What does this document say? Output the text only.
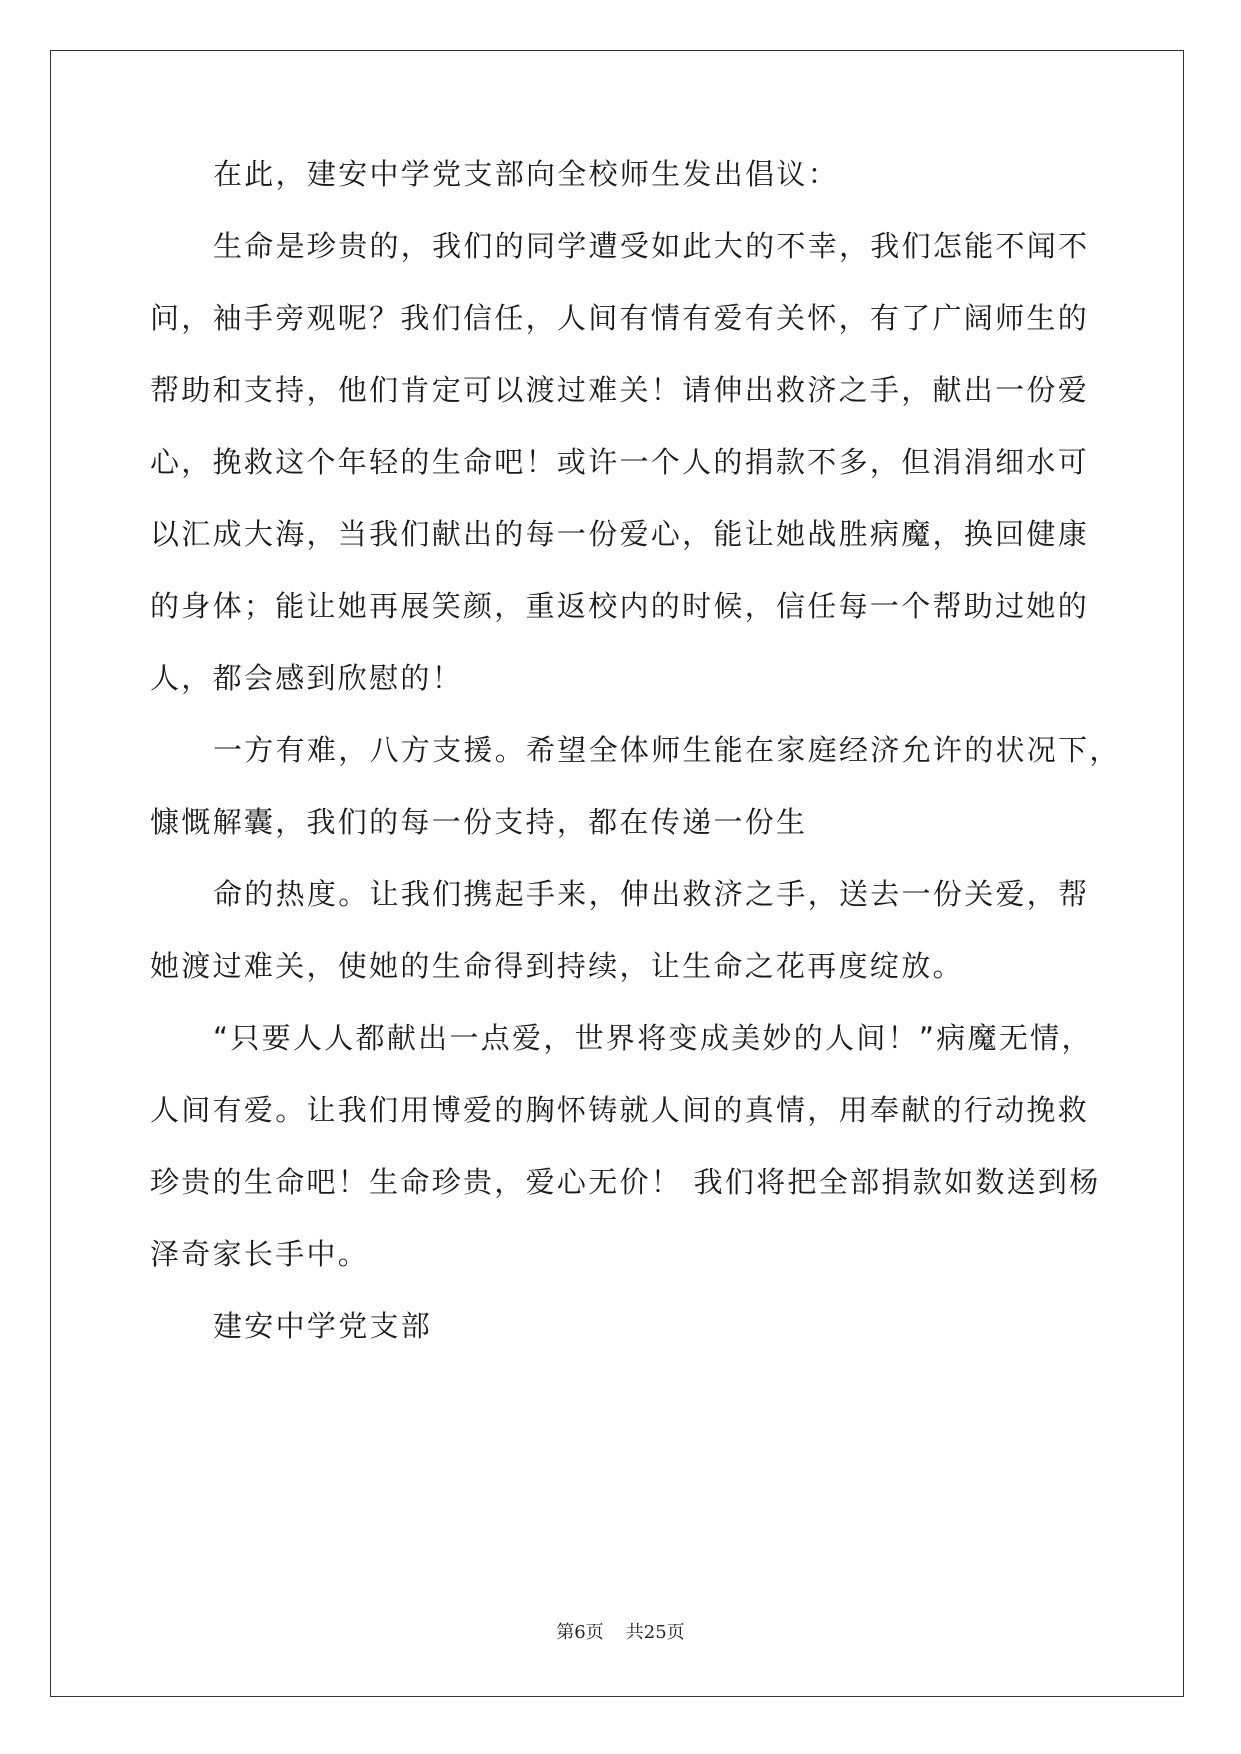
在此，建安中学党支部向全校师生发出倡议：
生命是珍贵的，我们的同学遭受如此大的不幸，我们怎能不闻不
问，袖手旁观呢？我们信任，人间有情有爱有关怀，有了广阔师生的
帮助和支持，他们肯定可以渡过难关！请伸出救济之手，献出一份爱
心，挽救这个年轻的生命吧！或许一个人的捐款不多，但涓涓细水可
以汇成大海，当我们献出的每一份爱心，能让她战胜病魔，换回健康
的身体；能让她再展笑颜，重返校内的时候，信任每一个帮助过她的
人，都会感到欣慰的！
一方有难，八方支援。希望全体师生能在家庭经济允许的状况下，
慷慨解囊，我们的每一份支持，都在传递一份生
命的热度。让我们携起手来，伸出救济之手，送去一份关爱，帮
她渡过难关，使她的生命得到持续，让生命之花再度绽放。
“只要人人都献出一点爱，世界将变成美妙的人间！”病魔无情，
人间有爱。让我们用博爱的胸怀铸就人间的真情，用奉献的行动挽救
珍贵的生命吧！生命珍贵，爱心无价！ 我们将把全部捐款如数送到杨
泽奇家长手中。
建安中学党支部
第6页 共25页
